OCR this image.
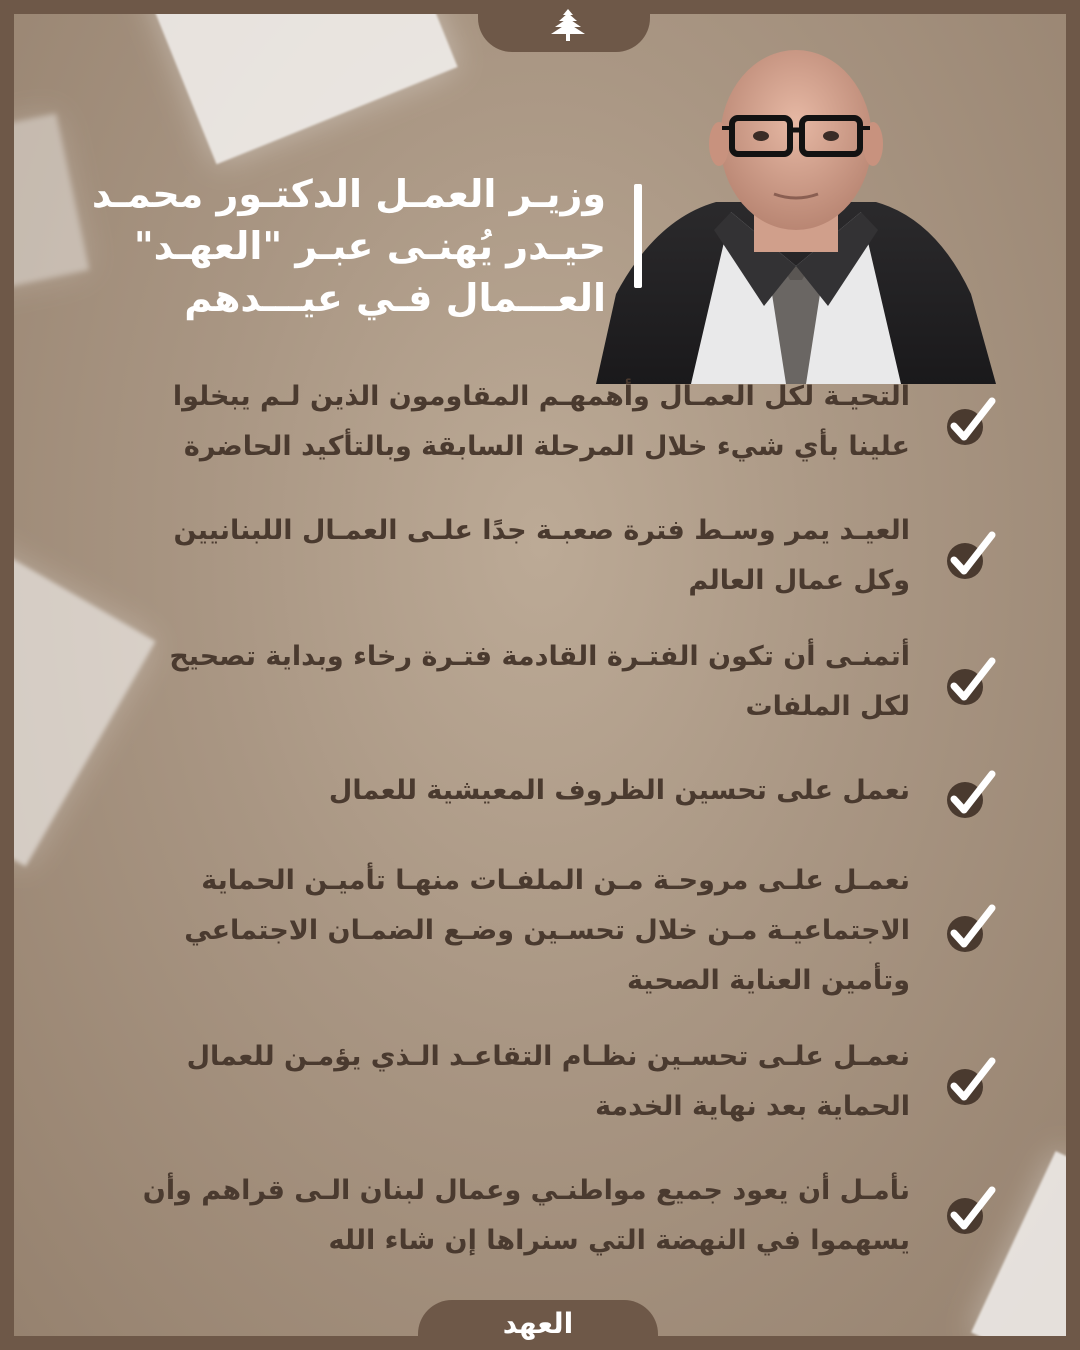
وزيـر العمـل الدكتـور محمـد
حيـدر يُهنـى عبـر "العهـد"
العـــمال فـي عيـــدهم
التحيـة لكل العمـال وأهمهـم المقاومون الذين لـم يبخلوا
علينا بأي شيء خلال المرحلة السابقة وبالتأكيد الحاضرة
العيـد يمر وسـط فترة صعبـة جدًا علـى العمـال اللبنانيين
وكل عمال العالم
أتمنـى أن تكون الفتـرة القادمة فتـرة رخاء وبداية تصحيح
لكل الملفات
نعمل على تحسين الظروف المعيشية للعمال
نعمـل علـى مروحـة مـن الملفـات منهـا تأميـن الحماية
الاجتماعيـة مـن خلال تحسـين وضـع الضمـان الاجتماعي
وتأمين العناية الصحية
نعمـل علـى تحسـين نظـام التقاعـد الـذي يؤمـن للعمال
الحماية بعد نهاية الخدمة
نأمـل أن يعود جميع مواطنـي وعمال لبنان الـى قراهم وأن
يسهموا في النهضة التي سنراها إن شاء الله
العهد
